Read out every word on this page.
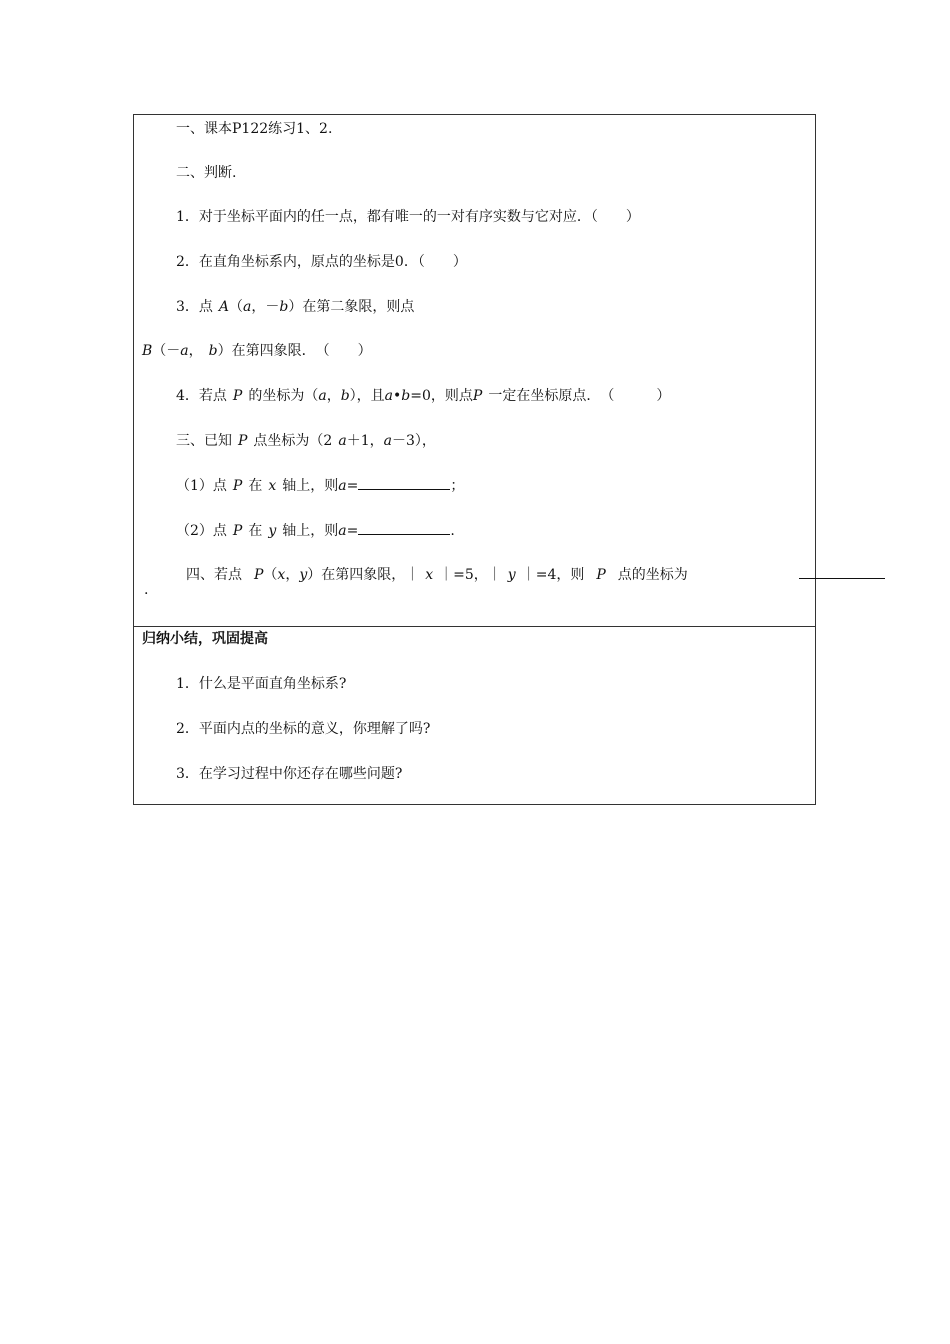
一、课本P122练习1、2.
二、判断.
1．对于坐标平面内的任一点，都有唯一的一对有序实数与它对应．（　　）
2．在直角坐标系内，原点的坐标是0．（　　）
3．点 A（a，－b）在第二象限，则点
B（－a， b）在第四象限．　（　　）
4．若点 P 的坐标为（a，b），且a•b=0，则点P 一定在坐标原点．　（　　　）
三、已知 P 点坐标为（2 a＋1，a－3），
（1）点 P 在 x 轴上，则a=	；
（2）点 P 在 y 轴上，则a=	.
四、若点 P（x，y）在第四象限，｜ x ｜=5，｜ y ｜=4，则 P 点的坐标为
.
归纳小结，巩固提高
1．什么是平面直角坐标系?
2．平面内点的坐标的意义，你理解了吗?
3．在学习过程中你还存在哪些问题?
